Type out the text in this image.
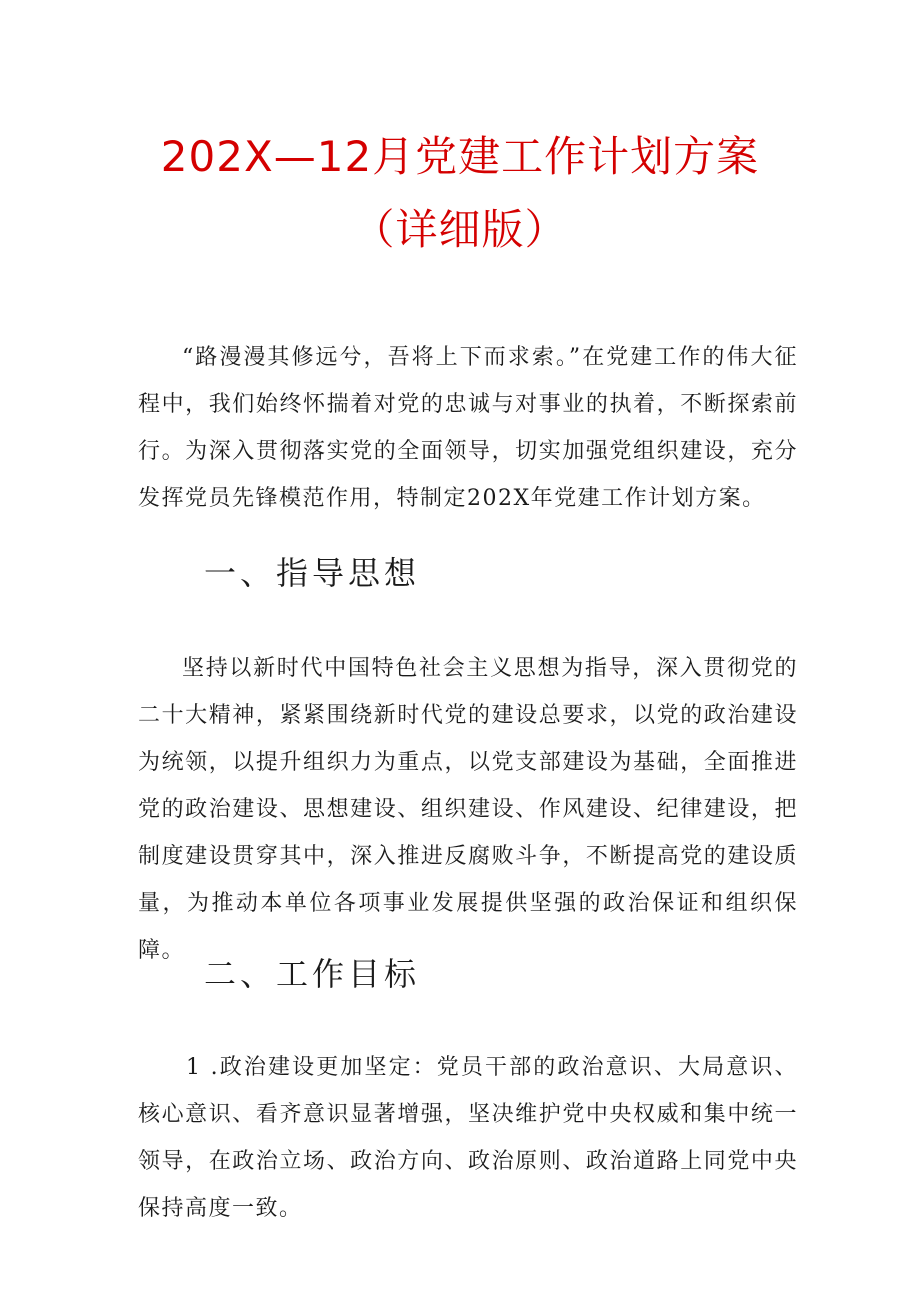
202X—12月党建工作计划方案
（详细版）

“路漫漫其修远兮，吾将上下而求索。”在党建工作的伟大征程中，我们始终怀揣着对党的忠诚与对事业的执着，不断探索前行。为深入贯彻落实党的全面领导，切实加强党组织建设，充分发挥党员先锋模范作用，特制定202X年党建工作计划方案。

一、指导思想

坚持以新时代中国特色社会主义思想为指导，深入贯彻党的二十大精神，紧紧围绕新时代党的建设总要求，以党的政治建设为统领，以提升组织力为重点，以党支部建设为基础，全面推进党的政治建设、思想建设、组织建设、作风建设、纪律建设，把制度建设贯穿其中，深入推进反腐败斗争，不断提高党的建设质量，为推动本单位各项事业发展提供坚强的政治保证和组织保障。

二、工作目标

1 .政治建设更加坚定：党员干部的政治意识、大局意识、核心意识、看齐意识显著增强，坚决维护党中央权威和集中统一领导，在政治立场、政治方向、政治原则、政治道路上同党中央保持高度一致。
